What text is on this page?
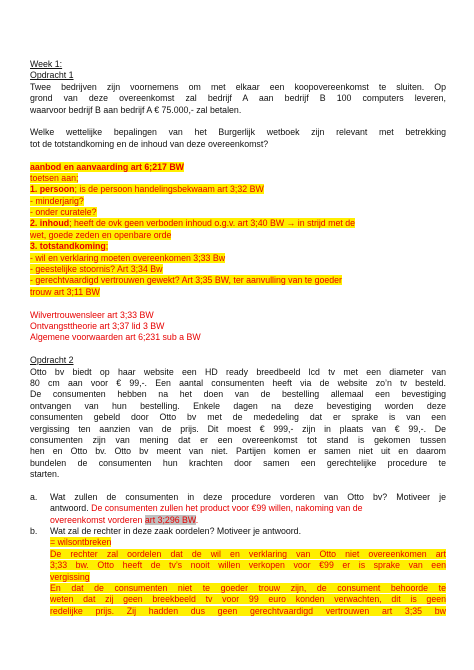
Week 1:
Opdracht 1
Twee bedrijven zijn voornemens om met elkaar een koopovereenkomst te sluiten. Op
grond van deze overeenkomst zal bedrijf A aan bedrijf B 100 computers leveren,
waarvoor bedrijf B aan bedrijf A € 75.000,- zal betalen.
Welke wettelijke bepalingen van het Burgerlijk wetboek zijn relevant met betrekking
tot de totstandkoming en de inhoud van deze overeenkomst?
aanbod en aanvaarding art 6;217 BW
toetsen aan;
1. persoon; is de persoon handelingsbekwaam art 3;32 BW
- minderjarig?
- onder curatele?
2. inhoud; heeft de ovk geen verboden inhoud o.g.v. art 3;40 BW → in strijd met de
wet, goede zeden en openbare orde
3. totstandkoming;
- wil en verklaring moeten overeenkomen 3;33 Bw
- geestelijke stoornis? Art 3;34 Bw
- gerechtvaardigd vertrouwen gewekt? Art 3;35 BW, ter aanvulling van te goeder
trouw art 3;11 BW
Wilvertrouwensleer art 3;33 BW
Ontvangsttheorie art 3;37 lid 3 BW
Algemene voorwaarden art 6;231 sub a BW
Opdracht 2
Otto bv biedt op haar website een HD ready breedbeeld lcd tv met een diameter van
80 cm aan voor € 99,-. Een aantal consumenten heeft via de website zo’n tv besteld.
De consumenten hebben na het doen van de bestelling allemaal een bevestiging
ontvangen van hun bestelling. Enkele dagen na deze bevestiging worden deze
consumenten gebeld door Otto bv met de mededeling dat er sprake is van een
vergissing ten aanzien van de prijs. Dit moest € 999,- zijn in plaats van € 99,-. De
consumenten zijn van mening dat er een overeenkomst tot stand is gekomen tussen
hen en Otto bv. Otto bv meent van niet. Partijen komen er samen niet uit en daarom
bundelen de consumenten hun krachten door samen een gerechtelijke procedure te
starten.
a.	Wat zullen de consumenten in deze procedure vorderen van Otto bv? Motiveer je
antwoord. De consumenten zullen het product voor €99 willen, nakoming van de
overeenkomst vorderen art 3;296 BW.
b.	Wat zal de rechter in deze zaak oordelen? Motiveer je antwoord.
= wilsontbreken
De rechter zal oordelen dat de wil en verklaring van Otto niet overeenkomen art
3;33 bw. Otto heeft de tv’s nooit willen verkopen voor €99 er is sprake van een
vergissing
En dat de consumenten niet te goeder trouw zijn, de consument behoorde te
weten dat zij geen breekbeeld tv voor 99 euro konden verwachten, dit is geen
redelijke prijs. Zij hadden dus geen gerechtvaardigd vertrouwen art 3;35 bw
